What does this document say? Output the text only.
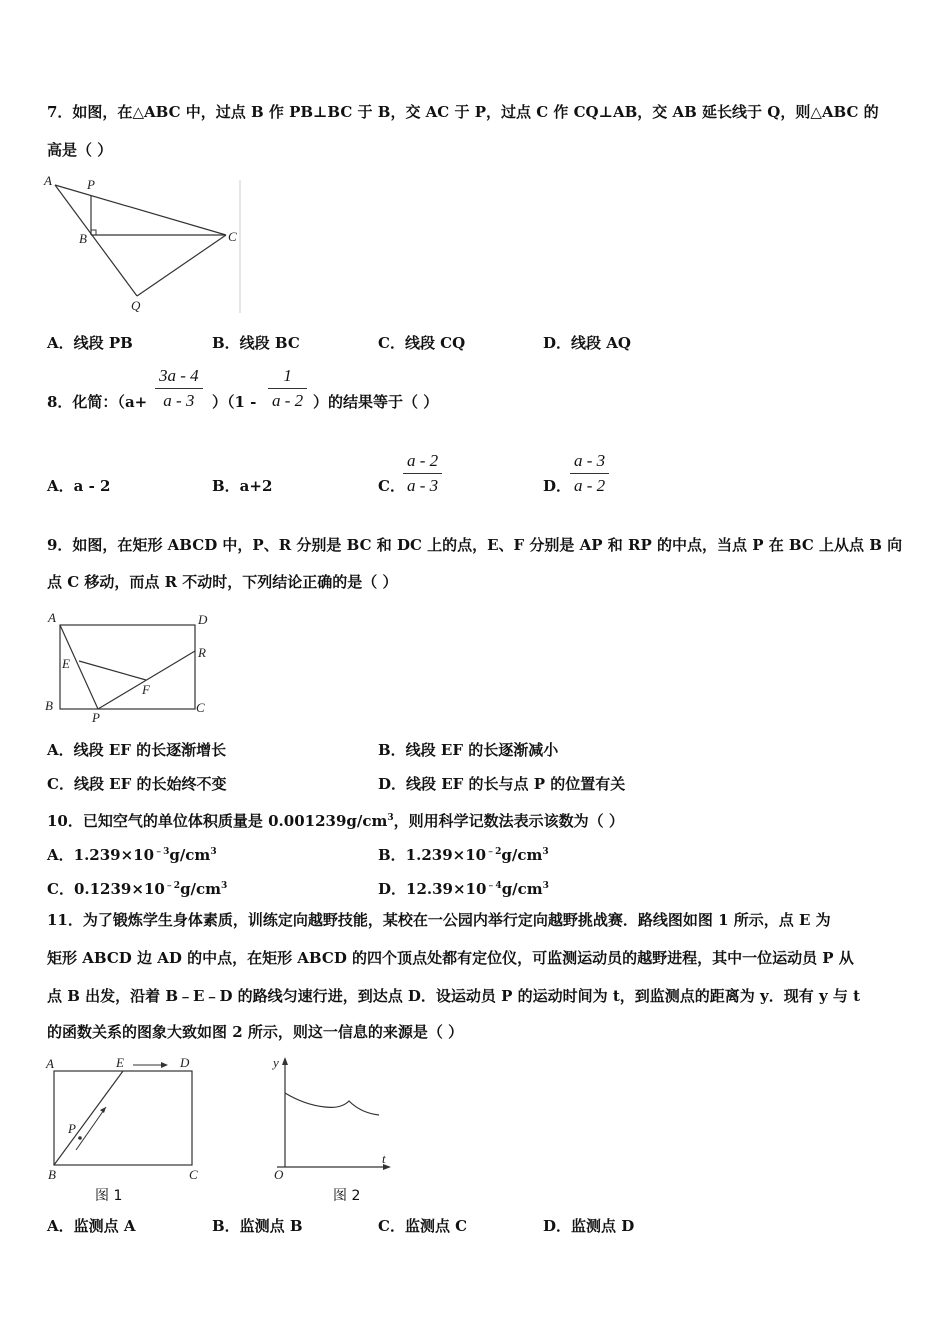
7．如图，在△ABC 中，过点 B 作 PB⊥BC 于 B，交 AC 于 P，过点 C 作 CQ⊥AB，交 AB 延长线于 Q，则△ABC 的
高是（ ）
A	P
B	C
Q
A．线段 PB	B．线段 BC	C．线段 CQ	D．线段 AQ
8．化简：（a+
3a - 4
a - 3	）（1 -
1
a - 2 ）的结果等于（ ）
A．a - 2	B．a+2	C．
a - 2
a - 3	D．
a - 3
a - 2
9．如图，在矩形 ABCD 中，P、R 分别是 BC 和 DC 上的点，E、F 分别是 AP 和 RP 的中点，当点 P 在 BC 上从点 B 向
点 C 移动，而点 R 不动时，下列结论正确的是（ ）
A	D
E
R
F
B
P
C
A．线段 EF 的长逐渐增长	B．线段 EF 的长逐渐减小
C．线段 EF 的长始终不变	D．线段 EF 的长与点 P 的位置有关
10．已知空气的单位体积质量是 $0.001239g/cm^3$，则用科学记数法表示该数为（ ）
A．$1.239\times 10^{﹣3}g/cm^3$	B．$1.239\times 10^{﹣2}g/cm^3$
C．$0.1239\times 10^{﹣2}g/cm^3$	D．$12.39\times 10^{﹣4}g/cm^3$
11．为了锻炼学生身体素质，训练定向越野技能，某校在一公园内举行定向越野挑战赛．路线图如图 1 所示，点 E 为
矩形 ABCD 边 AD 的中点，在矩形 ABCD 的四个顶点处都有定位仪，可监测运动员的越野进程，其中一位运动员 P 从
点 B 出发，沿着 B﹣E﹣D 的路线匀速行进，到达点 D．设运动员 P 的运动时间为 t，到监测点的距离为 y．现有 y 与 t
的函数关系的图象大致如图 2 所示，则这一信息的来源是（ ）
A	E	D
P
B	C
图 1
y
O
t
图 2
A．监测点 A	B．监测点 B	C．监测点 C	D．监测点 D
